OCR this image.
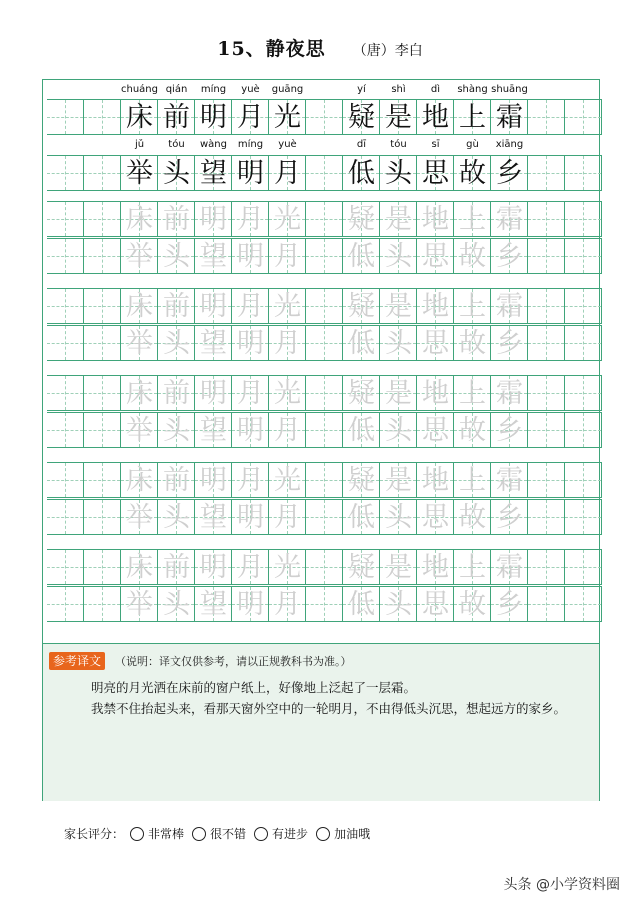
15、静夜思 （唐）李白
chuáng qián	míng	yuè	guāng	yí	shì	dì	shàng shuāng
床 前 明 月 光 疑 是 地 上 霜
jǔ	tóu	wàng	míng	yuè	dī	tóu	sī	gù	xiāng
举 头 望 明 月 低 头 思 故 乡
床 前 明 月 光 疑 是 地 上 霜
举 头 望 明 月 低 头 思 故 乡
床 前 明 月 光 疑 是 地 上 霜
举 头 望 明 月 低 头 思 故 乡
床 前 明 月 光 疑 是 地 上 霜
举 头 望 明 月 低 头 思 故 乡
床 前 明 月 光 疑 是 地 上 霜
举 头 望 明 月 低 头 思 故 乡
床 前 明 月 光 疑 是 地 上 霜
举 头 望 明 月 低 头 思 故 乡
参考译文	（说明：译文仅供参考，请以正规教科书为准。）
明亮的月光洒在床前的窗户纸上，好像地上泛起了一层霜。
我禁不住抬起头来，看那天窗外空中的一轮明月，不由得低头沉思，想起远方的家乡。
家长评分： 非常棒 很不错 有进步 加油哦
头条 @小学资料圈
